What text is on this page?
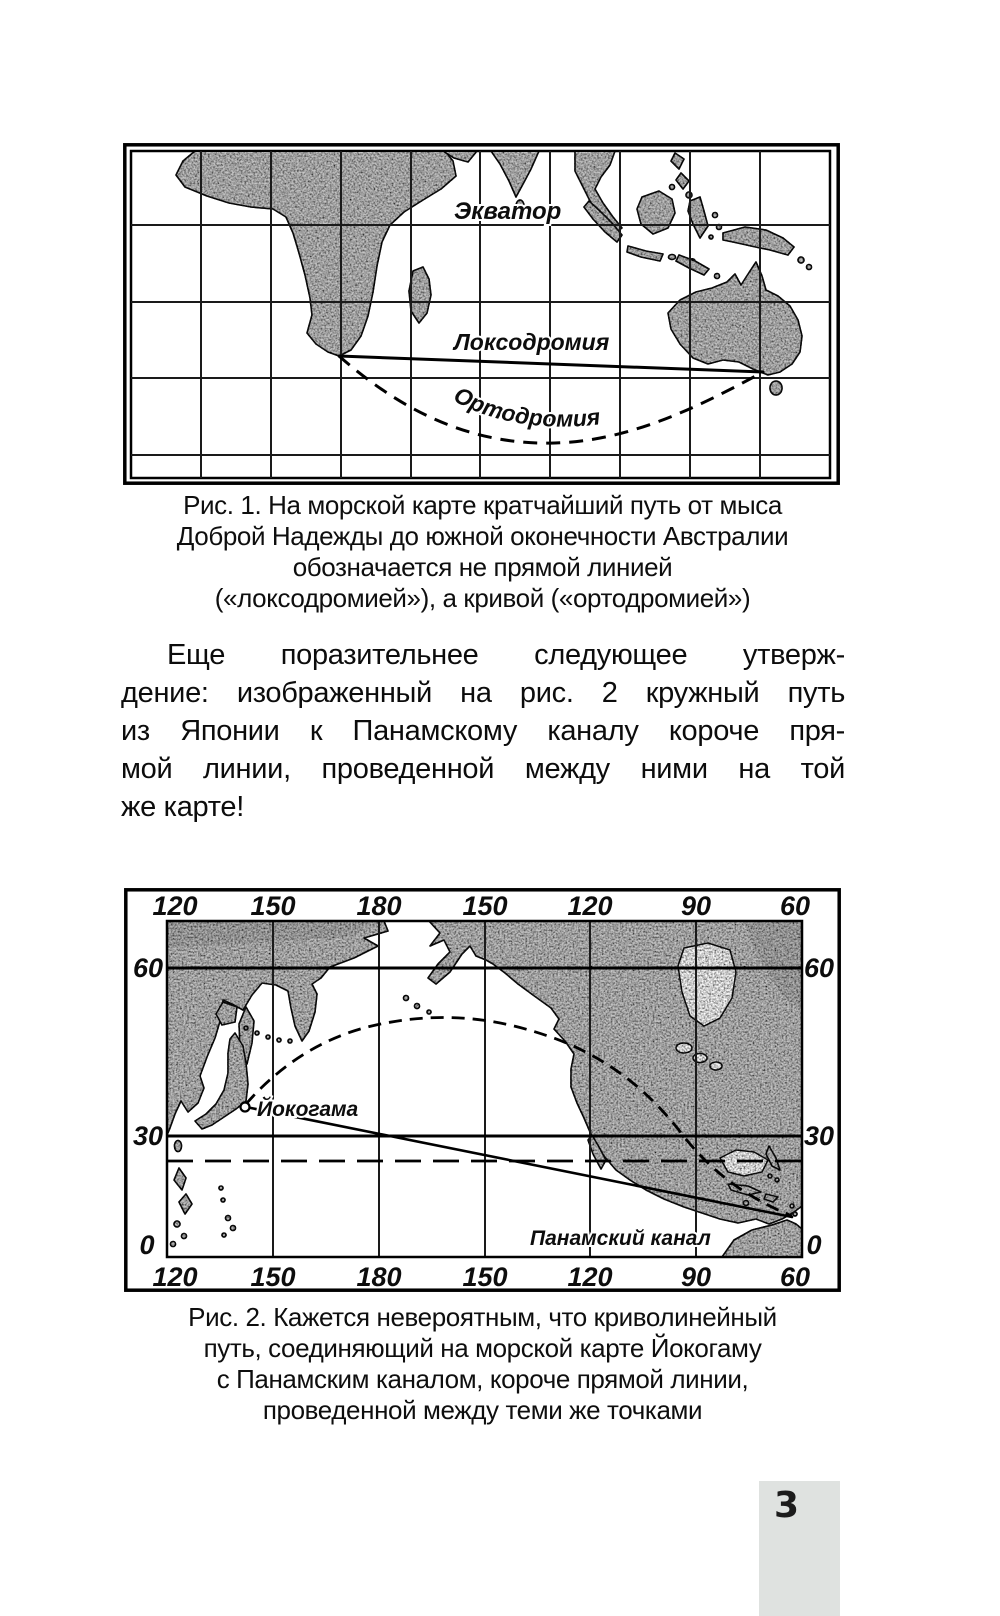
Экватор
Локсодромия
Ортодромия
Рис. 1. На морской карте кратчайший путь от мыса
Доброй Надежды до южной оконечности Австралии
обозначается не прямой линией
(«локсодромией»), а кривой («ортодромией»)
Еще поразительнее следующее утверж-
дение: изображенный на рис. 2 кружный путь
из Японии к Панамскому каналу короче пря-
мой линии, проведенной между ними на той
же карте!
120 150 180 150 120	90	60
120 150 180 150 120	90	60
60
30
0
60
30
0
Йокогама
Панамский канал
Рис. 2. Кажется невероятным, что криволинейный
путь, соединяющий на морской карте Йокогаму
с Панамским каналом, короче прямой линии,
проведенной между теми же точками
3
